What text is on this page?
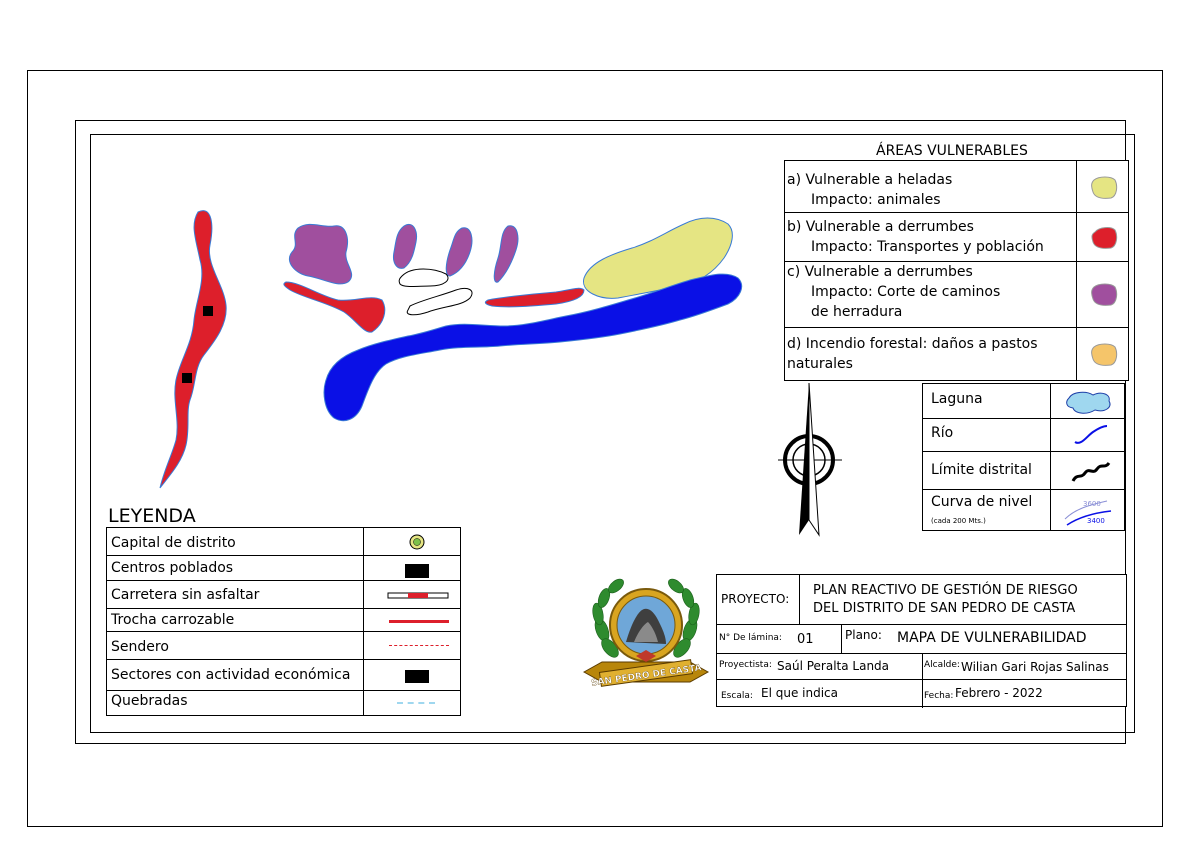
ÁREAS VULNERABLES
a) Vulnerable a heladas
Impacto: animales
b) Vulnerable a derrumbes
Impacto: Transportes y población
c) Vulnerable a derrumbes
Impacto: Corte de caminos
de herradura
d) Incendio forestal: daños a pastos
naturales
Laguna
Río
Límite distrital
Curva de nivel
(cada 200 Mts.)
3600
3400
LEYENDA
Capital de distrito
Centros poblados
Carretera sin asfaltar
Trocha carrozable
Sendero
Sectores con actividad económica
Quebradas
SAN PEDRO DE CASTA
PROYECTO:
PLAN REACTIVO DE GESTIÓN DE RIESGO
DEL DISTRITO DE SAN PEDRO DE CASTA
N° De lámina: 01	Plano: MAPA DE VULNERABILIDAD
Proyectista: Saúl Peralta Landa	Alcalde: Wilian Gari Rojas Salinas
Escala: El que indica	Fecha: Febrero - 2022
